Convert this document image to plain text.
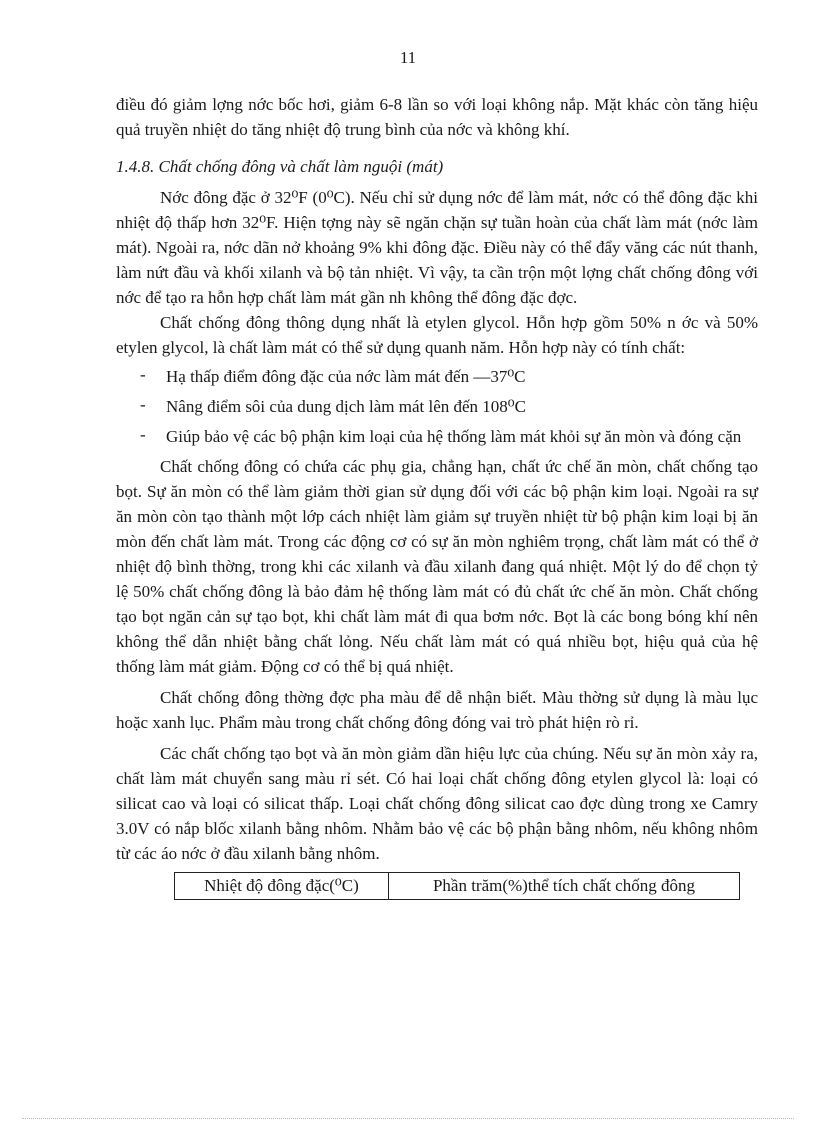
11

điều đó giảm lợng nớc bốc hơi, giảm 6-8 lần so với loại không nắp. Mặt khác còn tăng hiệu quả truyền nhiệt do tăng nhiệt độ trung bình của nớc và không khí.

1.4.8. Chất chống đông và chất làm nguội (mát)

Nớc đông đặc ở 32⁰F (0⁰C). Nếu chỉ sử dụng nớc để làm mát, nớc có thể đông đặc khi nhiệt độ thấp hơn 32⁰F. Hiện tợng này sẽ ngăn chặn sự tuần hoàn của chất làm mát (nớc làm mát). Ngoài ra, nớc dãn nở khoảng 9% khi đông đặc. Điều này có thể đẩy văng các nút thanh, làm nứt đầu và khối xilanh và bộ tản nhiệt. Vì vậy, ta cần trộn một lợng chất chống đông với nớc để tạo ra hỗn hợp chất làm mát gần nh không thể đông đặc đợc.

Chất chống đông thông dụng nhất là etylen glycol. Hỗn hợp gồm 50% n ớc và 50% etylen glycol, là chất làm mát có thể sử dụng quanh năm. Hỗn hợp này có tính chất:

- Hạ thấp điểm đông đặc của nớc làm mát đến —37⁰C
- Nâng điểm sôi của dung dịch làm mát lên đến 108⁰C
- Giúp bảo vệ các bộ phận kim loại của hệ thống làm mát khỏi sự ăn mòn và đóng cặn

Chất chống đông có chứa các phụ gia, chẳng hạn, chất ức chế ăn mòn, chất chống tạo bọt. Sự ăn mòn có thể làm giảm thời gian sử dụng đối với các bộ phận kim loại. Ngoài ra sự ăn mòn còn tạo thành một lớp cách nhiệt làm giảm sự truyền nhiệt từ bộ phận kim loại bị ăn mòn đến chất làm mát. Trong các động cơ có sự ăn mòn nghiêm trọng, chất làm mát có thể ở nhiệt độ bình thờng, trong khi các xilanh và đầu xilanh đang quá nhiệt. Một lý do để chọn tỷ lệ 50% chất chống đông là bảo đảm hệ thống làm mát có đủ chất ức chế ăn mòn. Chất chống tạo bọt ngăn cản sự tạo bọt, khi chất làm mát đi qua bơm nớc. Bọt là các bong bóng khí nên không thể dẫn nhiệt bằng chất lỏng. Nếu chất làm mát có quá nhiều bọt, hiệu quả của hệ thống làm mát giảm. Động cơ có thể bị quá nhiệt.

Chất chống đông thờng đợc pha màu để dễ nhận biết. Màu thờng sử dụng là màu lục hoặc xanh lục. Phẩm màu trong chất chống đông đóng vai trò phát hiện rò rỉ.

Các chất chống tạo bọt và ăn mòn giảm dần hiệu lực của chúng. Nếu sự ăn mòn xảy ra, chất làm mát chuyển sang màu rỉ sét. Có hai loại chất chống đông etylen glycol là: loại có silicat cao và loại có silicat thấp. Loại chất chống đông silicat cao đợc dùng trong xe Camry 3.0V có nắp blốc xilanh bằng nhôm. Nhằm bảo vệ các bộ phận bằng nhôm, nếu không nhôm từ các áo nớc ở đầu xilanh bằng nhôm.

Nhiệt độ đông đặc(⁰C)	Phần trăm(%)thể tích chất chống đông
